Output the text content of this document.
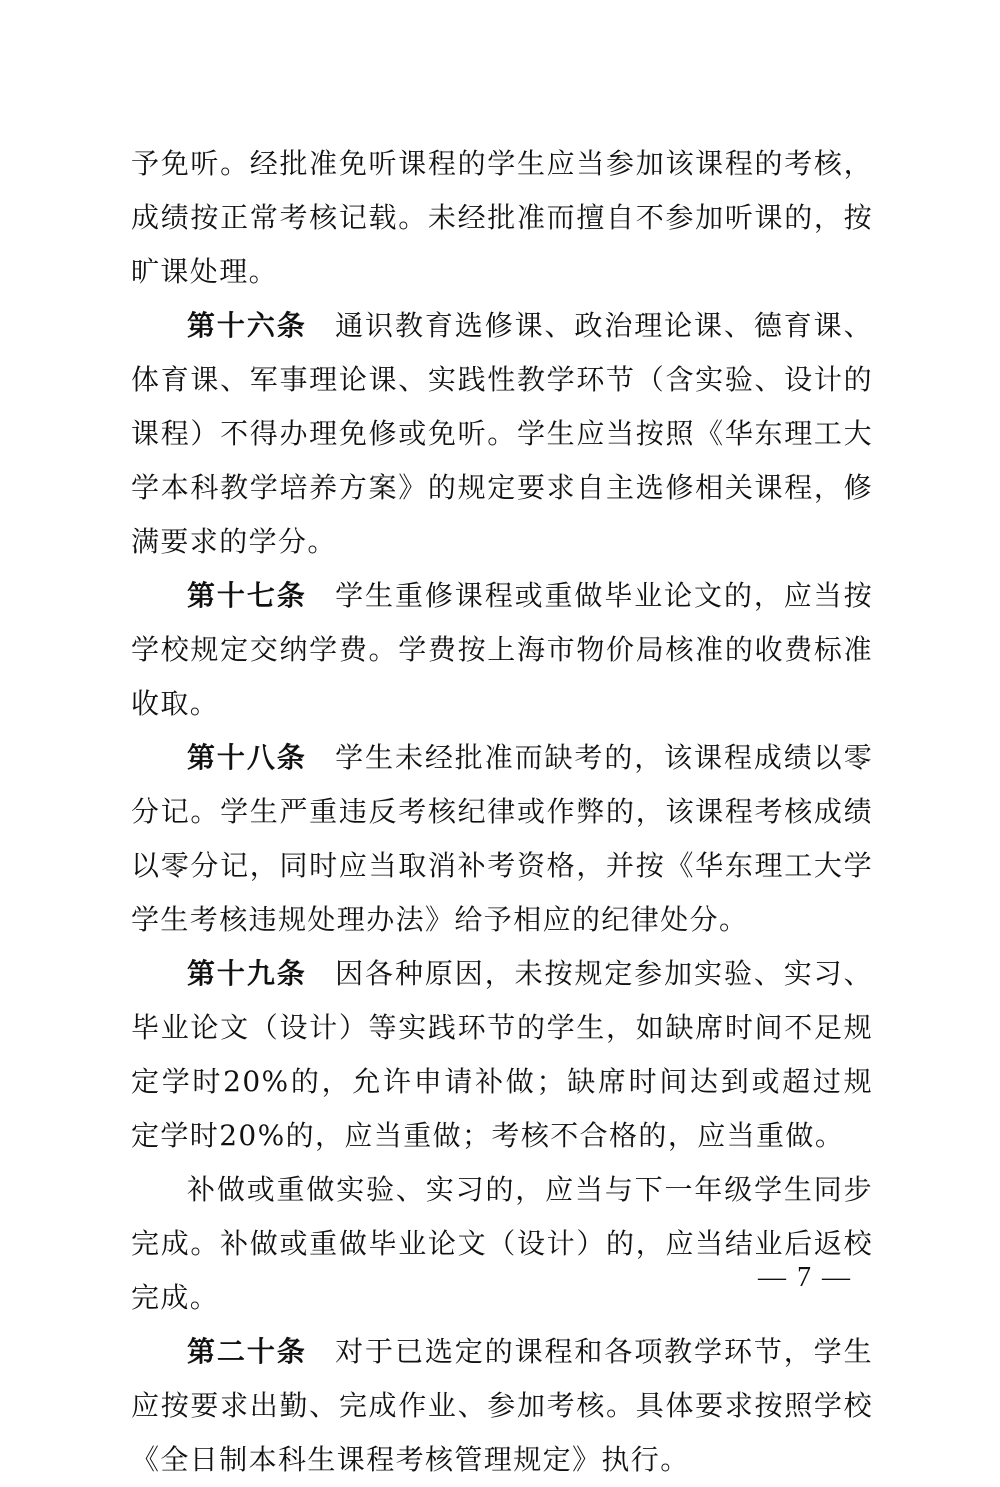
予免听。经批准免听课程的学生应当参加该课程的考核，成绩按正常考核记载。未经批准而擅自不参加听课的，按旷课处理。

第十六条 通识教育选修课、政治理论课、德育课、体育课、军事理论课、实践性教学环节（含实验、设计的课程）不得办理免修或免听。学生应当按照《华东理工大学本科教学培养方案》的规定要求自主选修相关课程，修满要求的学分。

第十七条 学生重修课程或重做毕业论文的，应当按学校规定交纳学费。学费按上海市物价局核准的收费标准收取。

第十八条 学生未经批准而缺考的，该课程成绩以零分记。学生严重违反考核纪律或作弊的，该课程考核成绩以零分记，同时应当取消补考资格，并按《华东理工大学学生考核违规处理办法》给予相应的纪律处分。

第十九条 因各种原因，未按规定参加实验、实习、毕业论文（设计）等实践环节的学生，如缺席时间不足规定学时20%的，允许申请补做；缺席时间达到或超过规定学时20%的，应当重做；考核不合格的，应当重做。

补做或重做实验、实习的，应当与下一年级学生同步完成。补做或重做毕业论文（设计）的，应当结业后返校完成。

第二十条 对于已选定的课程和各项教学环节，学生应按要求出勤、完成作业、参加考核。具体要求按照学校《全日制本科生课程考核管理规定》执行。

— 7 —
